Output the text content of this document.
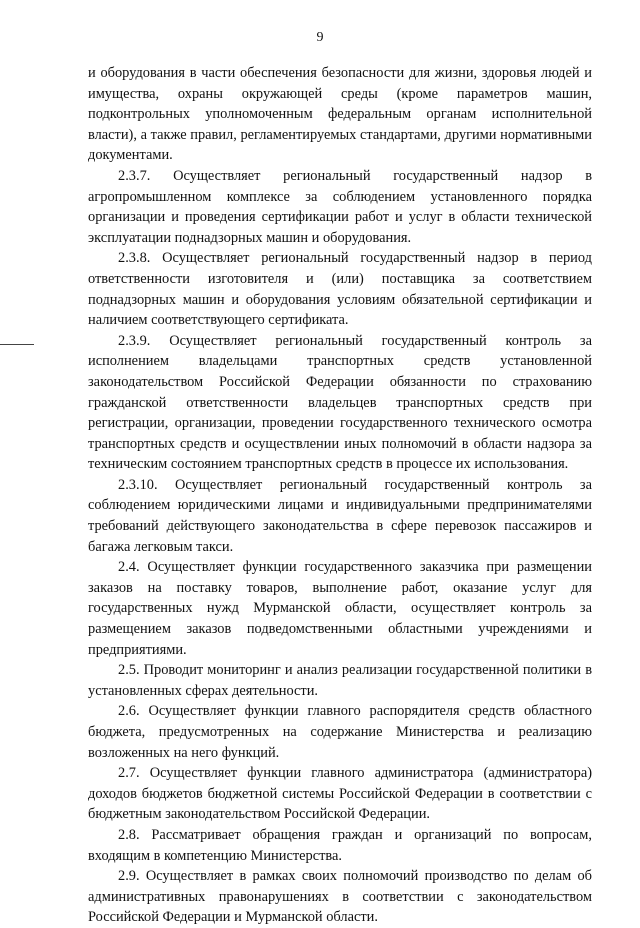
9

и оборудования в части обеспечения безопасности для жизни, здоровья людей и имущества, охраны окружающей среды (кроме параметров машин, подконтрольных уполномоченным федеральным органам исполнительной власти), а также правил, регламентируемых стандартами, другими нормативными документами.

2.3.7. Осуществляет региональный государственный надзор в агропромышленном комплексе за соблюдением установленного порядка организации и проведения сертификации работ и услуг в области технической эксплуатации поднадзорных машин и оборудования.

2.3.8. Осуществляет региональный государственный надзор в период ответственности изготовителя и (или) поставщика за соответствием поднадзорных машин и оборудования условиям обязательной сертификации и наличием соответствующего сертификата.

2.3.9. Осуществляет региональный государственный контроль за исполнением владельцами транспортных средств установленной законодательством Российской Федерации обязанности по страхованию гражданской ответственности владельцев транспортных средств при регистрации, организации, проведении государственного технического осмотра транспортных средств и осуществлении иных полномочий в области надзора за техническим состоянием транспортных средств в процессе их использования.

2.3.10. Осуществляет региональный государственный контроль за соблюдением юридическими лицами и индивидуальными предпринимателями требований действующего законодательства в сфере перевозок пассажиров и багажа легковым такси.

2.4. Осуществляет функции государственного заказчика при размещении заказов на поставку товаров, выполнение работ, оказание услуг для государственных нужд Мурманской области, осуществляет контроль за размещением заказов подведомственными областными учреждениями и предприятиями.

2.5. Проводит мониторинг и анализ реализации государственной политики в установленных сферах деятельности.

2.6. Осуществляет функции главного распорядителя средств областного бюджета, предусмотренных на содержание Министерства и реализацию возложенных на него функций.

2.7. Осуществляет функции главного администратора (администратора) доходов бюджетов бюджетной системы Российской Федерации в соответствии с бюджетным законодательством Российской Федерации.

2.8. Рассматривает обращения граждан и организаций по вопросам, входящим в компетенцию Министерства.

2.9. Осуществляет в рамках своих полномочий производство по делам об административных правонарушениях в соответствии с законодательством Российской Федерации и Мурманской области.
